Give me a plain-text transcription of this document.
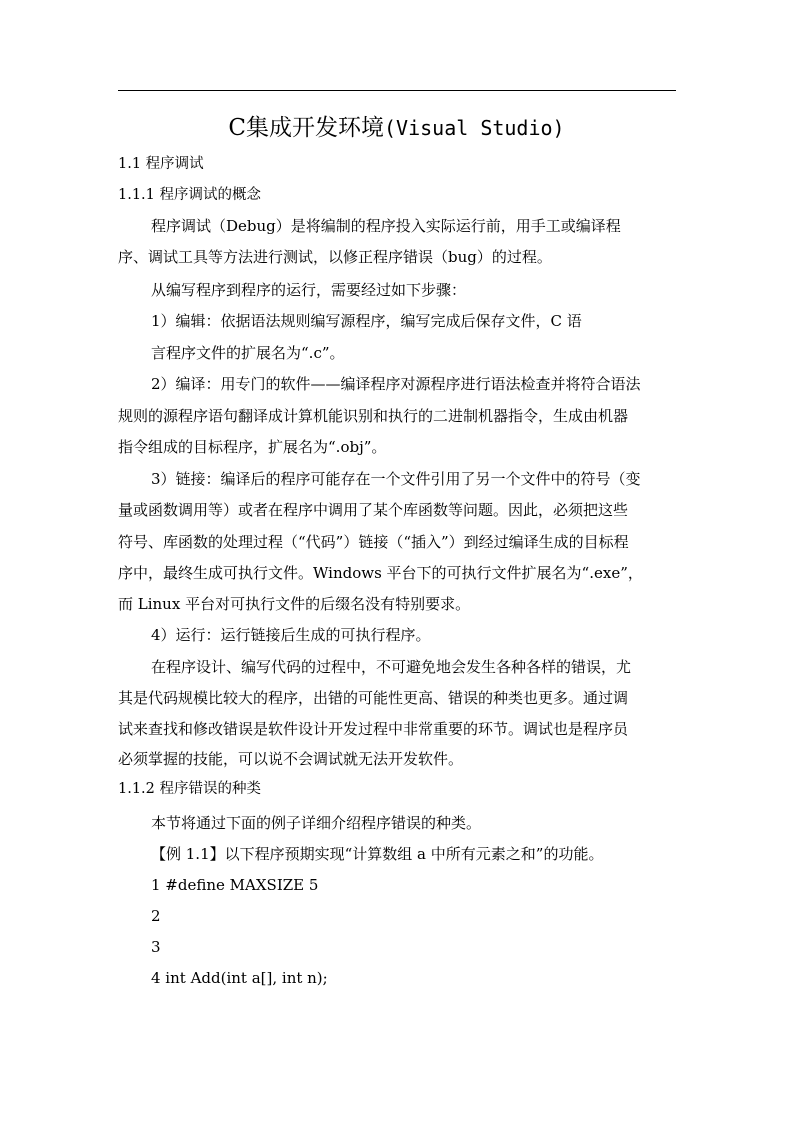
C集成开发环境(Visual Studio)
1.1 程序调试
1.1.1 程序调试的概念
程序调试（Debug）是将编制的程序投入实际运行前，用手工或编译程
序、调试工具等方法进行测试，以修正程序错误（bug）的过程。
从编写程序到程序的运行，需要经过如下步骤：
1）编辑：依据语法规则编写源程序，编写完成后保存文件，C 语
言程序文件的扩展名为“.c”。
2）编译：用专门的软件——编译程序对源程序进行语法检查并将符合语法
规则的源程序语句翻译成计算机能识别和执行的二进制机器指令，生成由机器
指令组成的目标程序，扩展名为“.obj”。
3）链接：编译后的程序可能存在一个文件引用了另一个文件中的符号（变
量或函数调用等）或者在程序中调用了某个库函数等问题。因此，必须把这些
符号、库函数的处理过程（“代码”）链接（“插入”）到经过编译生成的目标程
序中，最终生成可执行文件。Windows 平台下的可执行文件扩展名为“.exe”，
而 Linux 平台对可执行文件的后缀名没有特别要求。
4）运行：运行链接后生成的可执行程序。
在程序设计、编写代码的过程中，不可避免地会发生各种各样的错误，尤
其是代码规模比较大的程序，出错的可能性更高、错误的种类也更多。通过调
试来查找和修改错误是软件设计开发过程中非常重要的环节。调试也是程序员
必须掌握的技能，可以说不会调试就无法开发软件。
1.1.2 程序错误的种类
本节将通过下面的例子详细介绍程序错误的种类。
【例 1.1】以下程序预期实现“计算数组 a 中所有元素之和”的功能。
1 #define MAXSIZE 5
2
3
4 int Add(int a[], int n);
